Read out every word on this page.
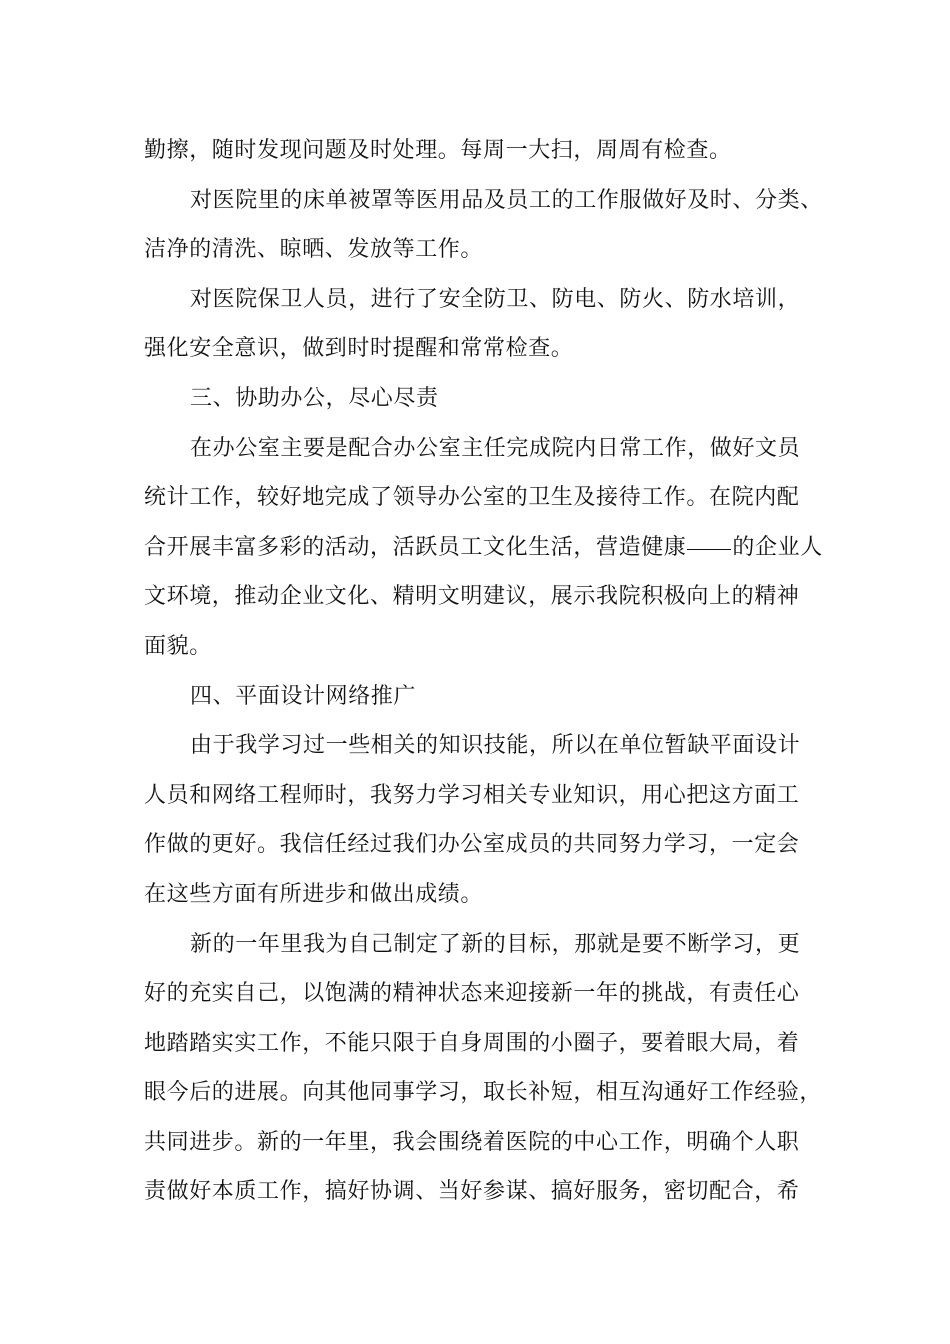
勤擦，随时发现问题及时处理。每周一大扫，周周有检查。
对医院里的床单被罩等医用品及员工的工作服做好及时、分类、
洁净的清洗、晾晒、发放等工作。
对医院保卫人员，进行了安全防卫、防电、防火、防水培训，
强化安全意识，做到时时提醒和常常检查。
三、协助办公，尽心尽责
在办公室主要是配合办公室主任完成院内日常工作，做好文员
统计工作，较好地完成了领导办公室的卫生及接待工作。在院内配
合开展丰富多彩的活动，活跃员工文化生活，营造健康 的企业人
文环境，推动企业文化、精明文明建议，展示我院积极向上的精神
面貌。
四、平面设计网络推广
由于我学习过一些相关的知识技能，所以在单位暂缺平面设计
人员和网络工程师时，我努力学习相关专业知识，用心把这方面工
作做的更好。我信任经过我们办公室成员的共同努力学习，一定会
在这些方面有所进步和做出成绩。
新的一年里我为自己制定了新的目标，那就是要不断学习，更
好的充实自己，以饱满的精神状态来迎接新一年的挑战，有责任心
地踏踏实实工作，不能只限于自身周围的小圈子，要着眼大局，着
眼今后的进展。向其他同事学习，取长补短，相互沟通好工作经验，
共同进步。新的一年里，我会围绕着医院的中心工作，明确个人职
责做好本质工作，搞好协调、当好参谋、搞好服务，密切配合，希
